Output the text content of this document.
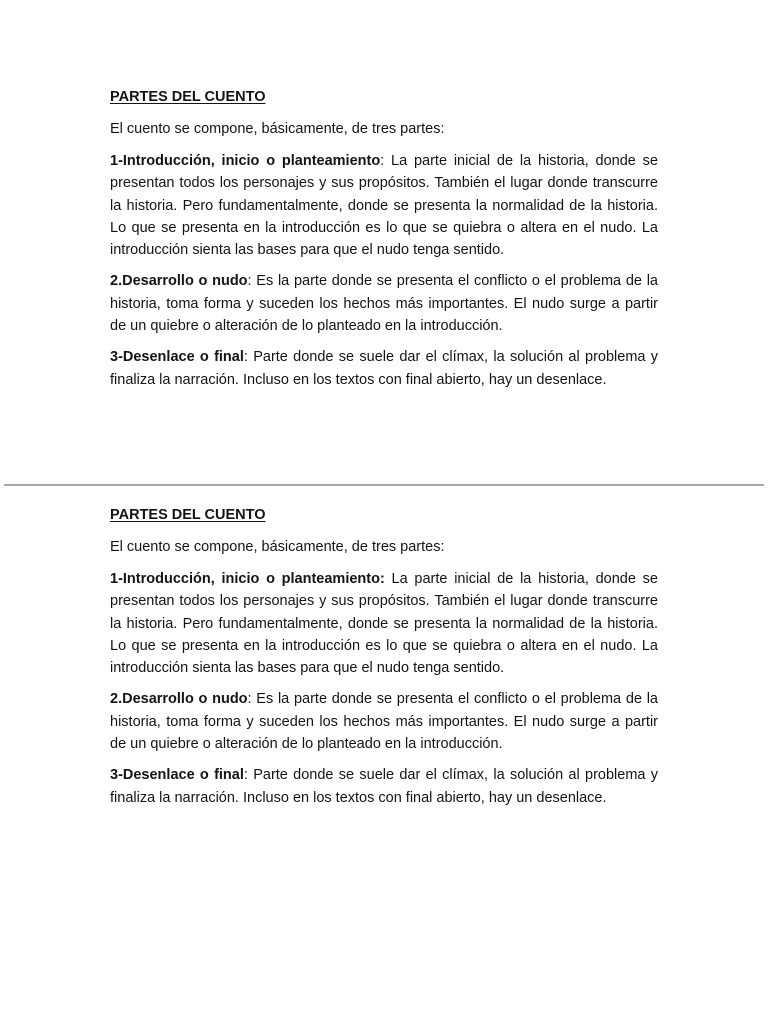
PARTES DEL CUENTO
El cuento se compone, básicamente, de tres partes:

1-Introducción, inicio o planteamiento: La parte inicial de la historia, donde se presentan todos los personajes y sus propósitos. También el lugar donde transcurre la historia. Pero fundamentalmente, donde se presenta la normalidad de la historia. Lo que se presenta en la introducción es lo que se quiebra o altera en el nudo. La introducción sienta las bases para que el nudo tenga sentido.

2.Desarrollo o nudo: Es la parte donde se presenta el conflicto o el problema de la historia, toma forma y suceden los hechos más importantes. El nudo surge a partir de un quiebre o alteración de lo planteado en la introducción.

3-Desenlace o final: Parte donde se suele dar el clímax, la solución al problema y finaliza la narración. Incluso en los textos con final abierto, hay un desenlace.

PARTES DEL CUENTO
El cuento se compone, básicamente, de tres partes:

1-Introducción, inicio o planteamiento: La parte inicial de la historia, donde se presentan todos los personajes y sus propósitos. También el lugar donde transcurre la historia. Pero fundamentalmente, donde se presenta la normalidad de la historia. Lo que se presenta en la introducción es lo que se quiebra o altera en el nudo. La introducción sienta las bases para que el nudo tenga sentido.

2.Desarrollo o nudo: Es la parte donde se presenta el conflicto o el problema de la historia, toma forma y suceden los hechos más importantes. El nudo surge a partir de un quiebre o alteración de lo planteado en la introducción.

3-Desenlace o final: Parte donde se suele dar el clímax, la solución al problema y finaliza la narración. Incluso en los textos con final abierto, hay un desenlace.
